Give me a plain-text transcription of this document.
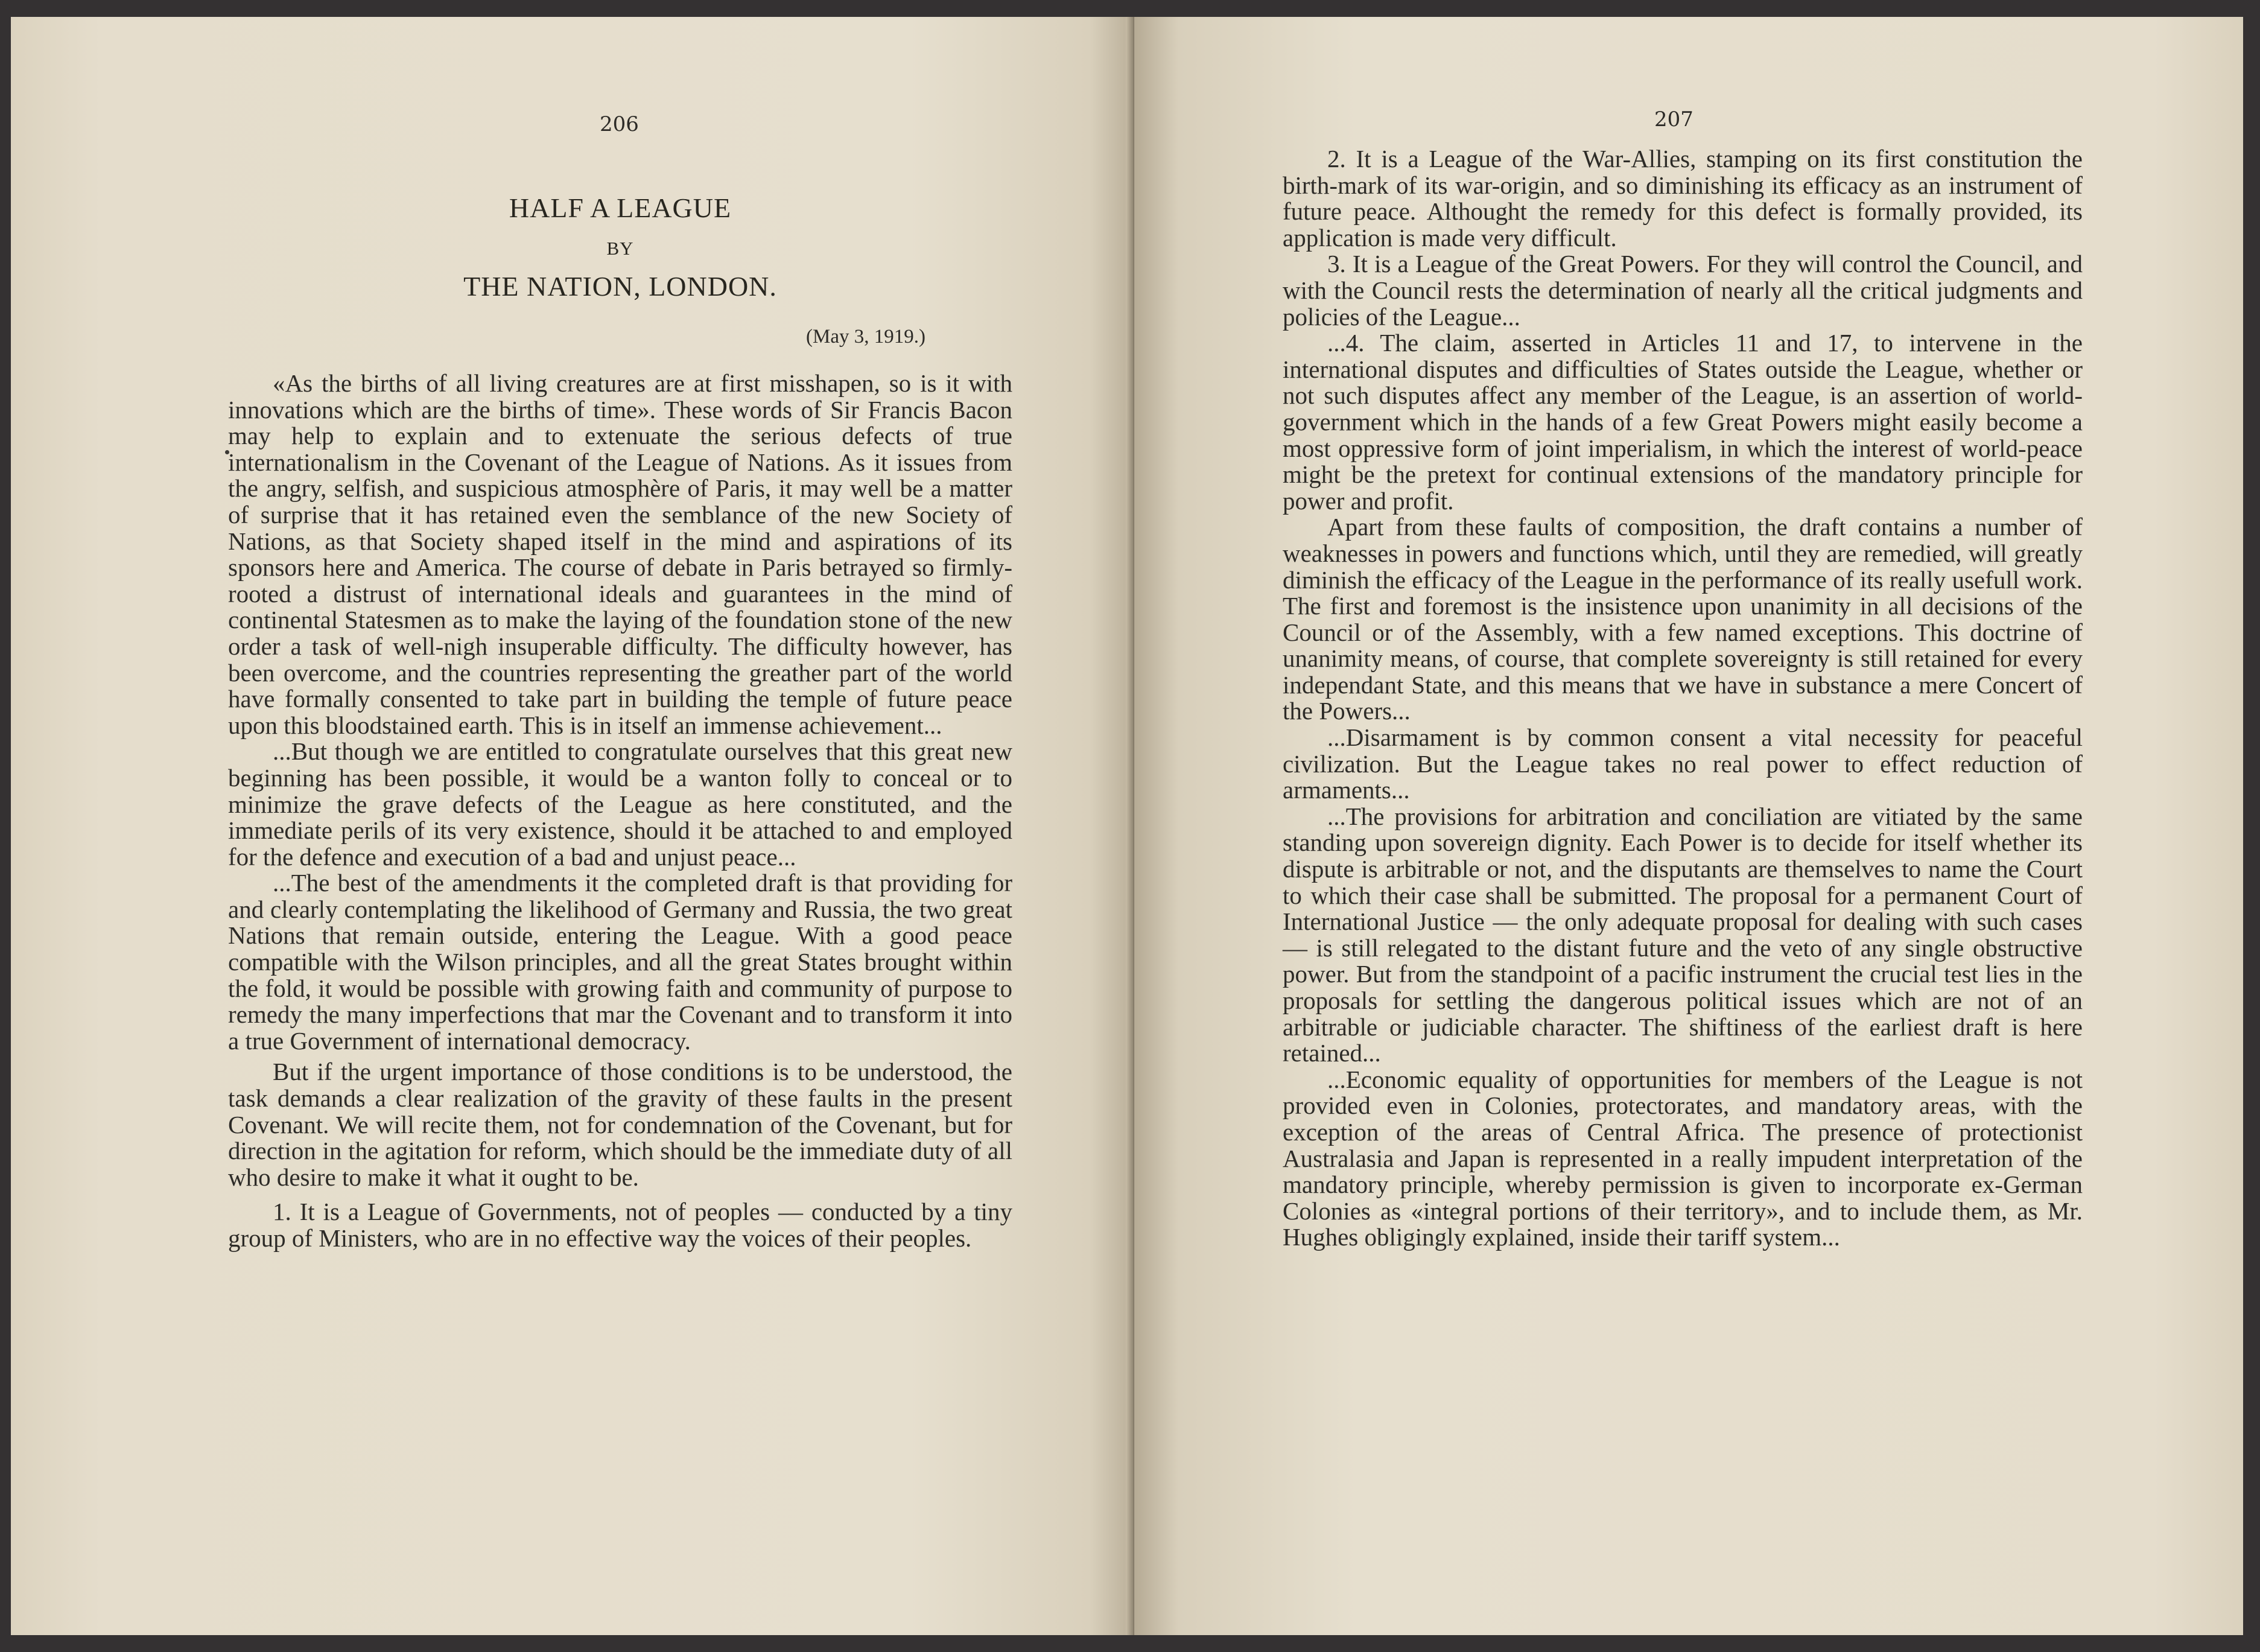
206
HALF A LEAGUE
BY
THE NATION, LONDON.
(May 3, 1919.)

«As the births of all living creatures are at first misshapen, so is it with innovations which are the births of time». These words of Sir Francis Bacon may help to explain and to extenuate the serious defects of true internationalism in the Covenant of the League of Nations. As it issues from the angry, selfish, and suspicious atmosphère of Paris, it may well be a matter of surprise that it has retained even the semblance of the new Society of Nations, as that Society shaped itself in the mind and aspirations of its sponsors here and America. The course of debate in Paris betrayed so firmly-rooted a distrust of international ideals and guarantees in the mind of continental Statesmen as to make the laying of the foundation stone of the new order a task of well-nigh insuperable difficulty. The difficulty however, has been overcome, and the countries representing the greather part of the world have formally consented to take part in building the temple of future peace upon this bloodstained earth. This is in itself an immense achievement...

...But though we are entitled to congratulate ourselves that this great new beginning has been possible, it would be a wanton folly to conceal or to minimize the grave defects of the League as here constituted, and the immediate perils of its very existence, should it be attached to and employed for the defence and execution of a bad and unjust peace...

...The best of the amendments it the completed draft is that providing for and clearly contemplating the likelihood of Germany and Russia, the two great Nations that remain outside, entering the League. With a good peace compatible with the Wilson principles, and all the great States brought within the fold, it would be possible with growing faith and community of purpose to remedy the many imperfections that mar the Covenant and to transform it into a true Government of international democracy.

But if the urgent importance of those conditions is to be understood, the task demands a clear realization of the gravity of these faults in the present Covenant. We will recite them, not for condemnation of the Covenant, but for direction in the agitation for reform, which should be the immediate duty of all who desire to make it what it ought to be.

1. It is a League of Governments, not of peoples — conducted by a tiny group of Ministers, who are in no effective way the voices of their peoples.

207

2. It is a League of the War-Allies, stamping on its first constitution the birth-mark of its war-origin, and so diminishing its efficacy as an instrument of future peace. Althought the remedy for this defect is formally provided, its application is made very difficult.

3. It is a League of the Great Powers. For they will control the Council, and with the Council rests the determination of nearly all the critical judgments and policies of the League...

...4. The claim, asserted in Articles 11 and 17, to intervene in the international disputes and difficulties of States outside the League, whether or not such disputes affect any member of the League, is an assertion of world-government which in the hands of a few Great Powers might easily become a most oppressive form of joint imperialism, in which the interest of world-peace might be the pretext for continual extensions of the mandatory principle for power and profit.

Apart from these faults of composition, the draft contains a number of weaknesses in powers and functions which, until they are remedied, will greatly diminish the efficacy of the League in the performance of its really usefull work. The first and foremost is the insistence upon unanimity in all decisions of the Council or of the Assembly, with a few named exceptions. This doctrine of unanimity means, of course, that complete sovereignty is still retained for every independant State, and this means that we have in substance a mere Concert of the Powers...

...Disarmament is by common consent a vital necessity for peaceful civilization. But the League takes no real power to effect reduction of armaments...

...The provisions for arbitration and conciliation are vitiated by the same standing upon sovereign dignity. Each Power is to decide for itself whether its dispute is arbitrable or not, and the disputants are themselves to name the Court to which their case shall be submitted. The proposal for a permanent Court of International Justice — the only adequate proposal for dealing with such cases — is still relegated to the distant future and the veto of any single obstructive power. But from the standpoint of a pacific instrument the crucial test lies in the proposals for settling the dangerous political issues which are not of an arbitrable or judiciable character. The shiftiness of the earliest draft is here retained...

...Economic equality of opportunities for members of the League is not provided even in Colonies, protectorates, and mandatory areas, with the exception of the areas of Central Africa. The presence of protectionist Australasia and Japan is represented in a really impudent interpretation of the mandatory principle, whereby permission is given to incorporate ex-German Colonies as «integral portions of their territory», and to include them, as Mr. Hughes obligingly explained, inside their tariff system...
